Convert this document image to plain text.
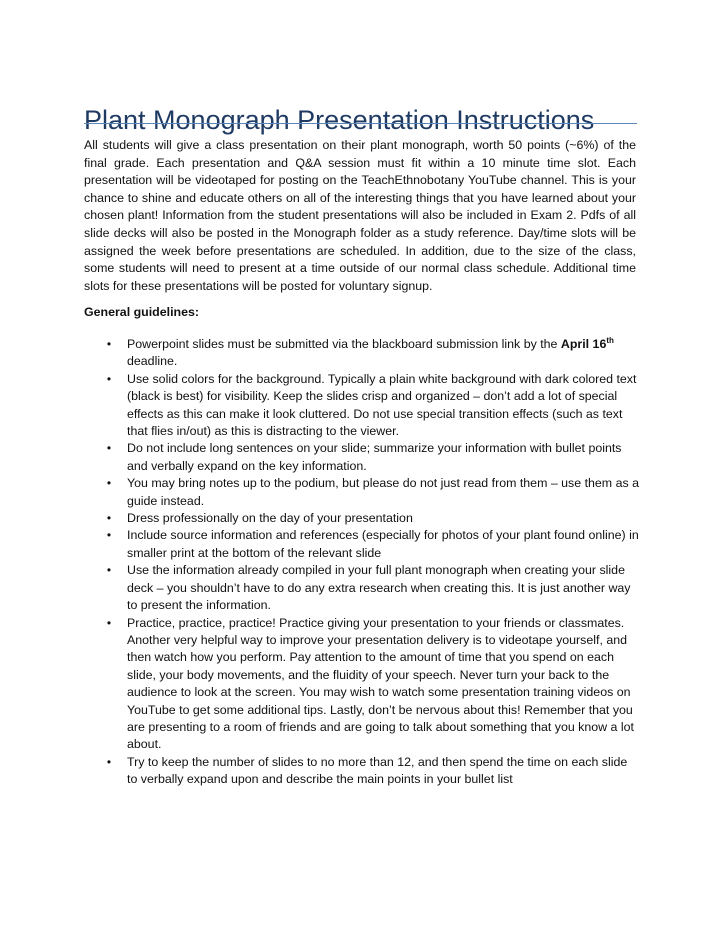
Plant Monograph Presentation Instructions

All students will give a class presentation on their plant monograph, worth 50 points (~6%) of the final grade. Each presentation and Q&A session must fit within a 10 minute time slot. Each presentation will be videotaped for posting on the TeachEthnobotany YouTube channel. This is your chance to shine and educate others on all of the interesting things that you have learned about your chosen plant! Information from the student presentations will also be included in Exam 2. Pdfs of all slide decks will also be posted in the Monograph folder as a study reference. Day/time slots will be assigned the week before presentations are scheduled. In addition, due to the size of the class, some students will need to present at a time outside of our normal class schedule. Additional time slots for these presentations will be posted for voluntary signup.

General guidelines:

• Powerpoint slides must be submitted via the blackboard submission link by the April 16th deadline.
• Use solid colors for the background. Typically a plain white background with dark colored text (black is best) for visibility. Keep the slides crisp and organized – don’t add a lot of special effects as this can make it look cluttered. Do not use special transition effects (such as text that flies in/out) as this is distracting to the viewer.
• Do not include long sentences on your slide; summarize your information with bullet points and verbally expand on the key information.
• You may bring notes up to the podium, but please do not just read from them – use them as a guide instead.
• Dress professionally on the day of your presentation
• Include source information and references (especially for photos of your plant found online) in smaller print at the bottom of the relevant slide
• Use the information already compiled in your full plant monograph when creating your slide deck – you shouldn’t have to do any extra research when creating this. It is just another way to present the information.
• Practice, practice, practice! Practice giving your presentation to your friends or classmates. Another very helpful way to improve your presentation delivery is to videotape yourself, and then watch how you perform. Pay attention to the amount of time that you spend on each slide, your body movements, and the fluidity of your speech. Never turn your back to the audience to look at the screen. You may wish to watch some presentation training videos on YouTube to get some additional tips. Lastly, don’t be nervous about this! Remember that you are presenting to a room of friends and are going to talk about something that you know a lot about.
• Try to keep the number of slides to no more than 12, and then spend the time on each slide to verbally expand upon and describe the main points in your bullet list
